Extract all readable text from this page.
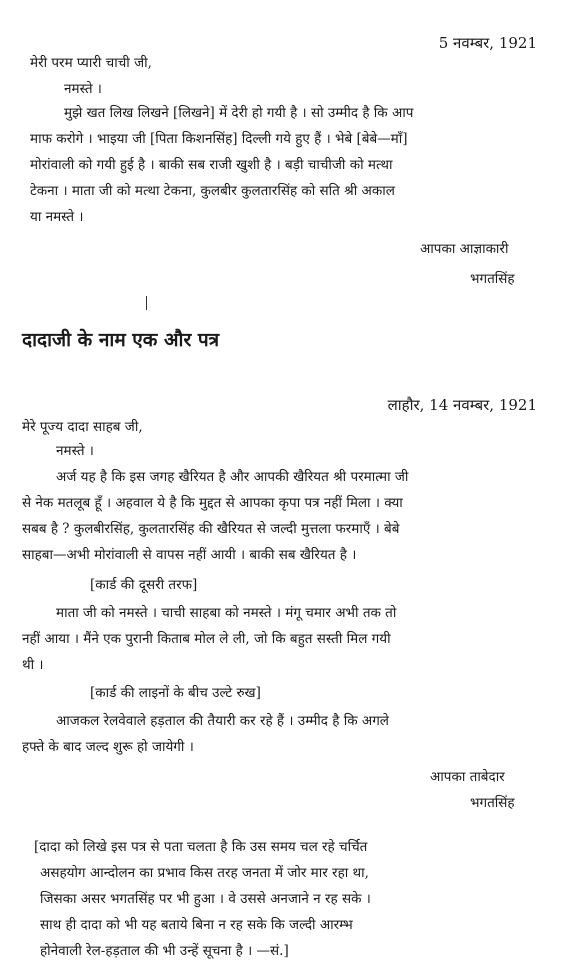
5 नवम्बर, 1921
मेरी परम प्यारी चाची जी,
नमस्ते ।
मुझे खत लिख लिखने [लिखने] में देरी हो गयी है । सो उम्मीद है कि आप
माफ करोगे । भाइया जी [पिता किशनसिंह] दिल्ली गये हुए हैं । भेबे [बेबे—माँ]
मोरांवाली को गयी हुई है । बाकी सब राजी खुशी है । बड़ी चाचीजी को मत्था
टेकना । माता जी को मत्था टेकना, कुलबीर कुलतारसिंह को सति श्री अकाल
या नमस्ते ।
आपका आज्ञाकारी
भगतसिंह
दादाजी के नाम एक और पत्र
लाहौर, 14 नवम्बर, 1921
मेरे पूज्य दादा साहब जी,
नमस्ते ।
अर्ज यह है कि इस जगह खैरियत है और आपकी खैरियत श्री परमात्मा जी
से नेक मतलूब हूँ । अहवाल ये है कि मुद्दत से आपका कृपा पत्र नहीं मिला । क्या
सबब है ? कुलबीरसिंह, कुलतारसिंह की खैरियत से जल्दी मुत्तला फरमाएँ । बेबे
साहबा—अभी मोरांवाली से वापस नहीं आयी । बाकी सब खैरियत है ।
[कार्ड की दूसरी तरफ]
माता जी को नमस्ते । चाची साहबा को नमस्ते । मंगू चमार अभी तक तो
नहीं आया । मैंने एक पुरानी किताब मोल ले ली, जो कि बहुत सस्ती मिल गयी
थी ।
[कार्ड की लाइनों के बीच उल्टे रुख]
आजकल रेलवेवाले हड़ताल की तैयारी कर रहे हैं । उम्मीद है कि अगले
हफ्ते के बाद जल्द शुरू हो जायेगी ।
आपका ताबेदार
भगतसिंह
[दादा को लिखे इस पत्र से पता चलता है कि उस समय चल रहे चर्चित
असहयोग आन्दोलन का प्रभाव किस तरह जनता में जोर मार रहा था,
जिसका असर भगतसिंह पर भी हुआ । वे उससे अनजाने न रह सके ।
साथ ही दादा को भी यह बताये बिना न रह सके कि जल्दी आरम्भ
होनेवाली रेल-हड़ताल की भी उन्हें सूचना है । —सं.]
